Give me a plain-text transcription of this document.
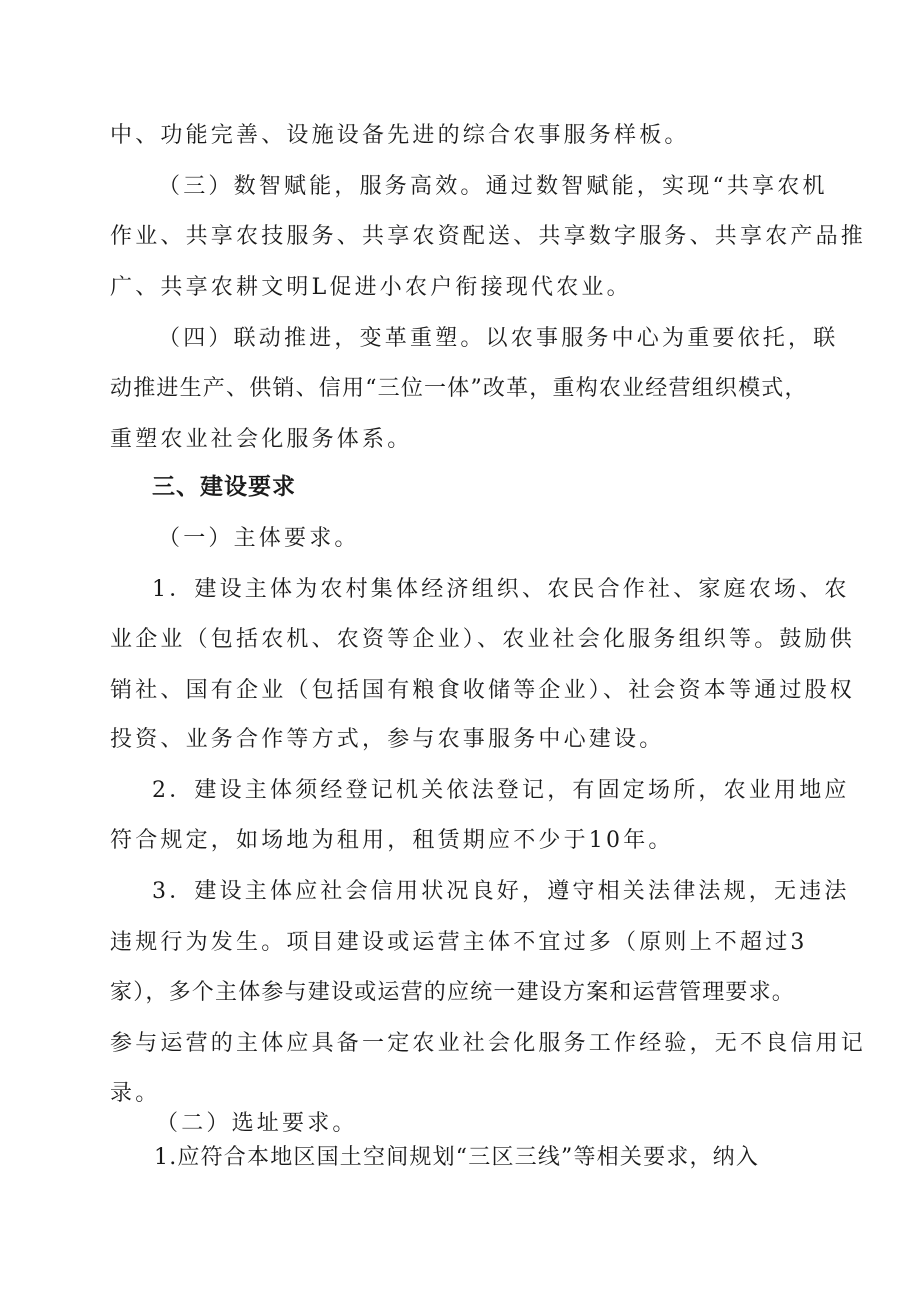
中、功能完善、设施设备先进的综合农事服务样板。
（三）数智赋能，服务高效。通过数智赋能，实现“共享农机
作业、共享农技服务、共享农资配送、共享数字服务、共享农产品推
广、共享农耕文明L促进小农户衔接现代农业。
（四）联动推进，变革重塑。以农事服务中心为重要依托，联
动推进生产、供销、信用“三位一体”改革，重构农业经营组织模式，
重塑农业社会化服务体系。
三、建设要求
（一）主体要求。
1．建设主体为农村集体经济组织、农民合作社、家庭农场、农
业企业（包括农机、农资等企业）、农业社会化服务组织等。鼓励供
销社、国有企业（包括国有粮食收储等企业）、社会资本等通过股权
投资、业务合作等方式，参与农事服务中心建设。
2．建设主体须经登记机关依法登记，有固定场所，农业用地应
符合规定，如场地为租用，租赁期应不少于10年。
3．建设主体应社会信用状况良好，遵守相关法律法规，无违法
违规行为发生。项目建设或运营主体不宜过多（原则上不超过3
家），多个主体参与建设或运营的应统一建设方案和运营管理要求。
参与运营的主体应具备一定农业社会化服务工作经验，无不良信用记
录。
（二）选址要求。
1.应符合本地区国土空间规划“三区三线”等相关要求，纳入
